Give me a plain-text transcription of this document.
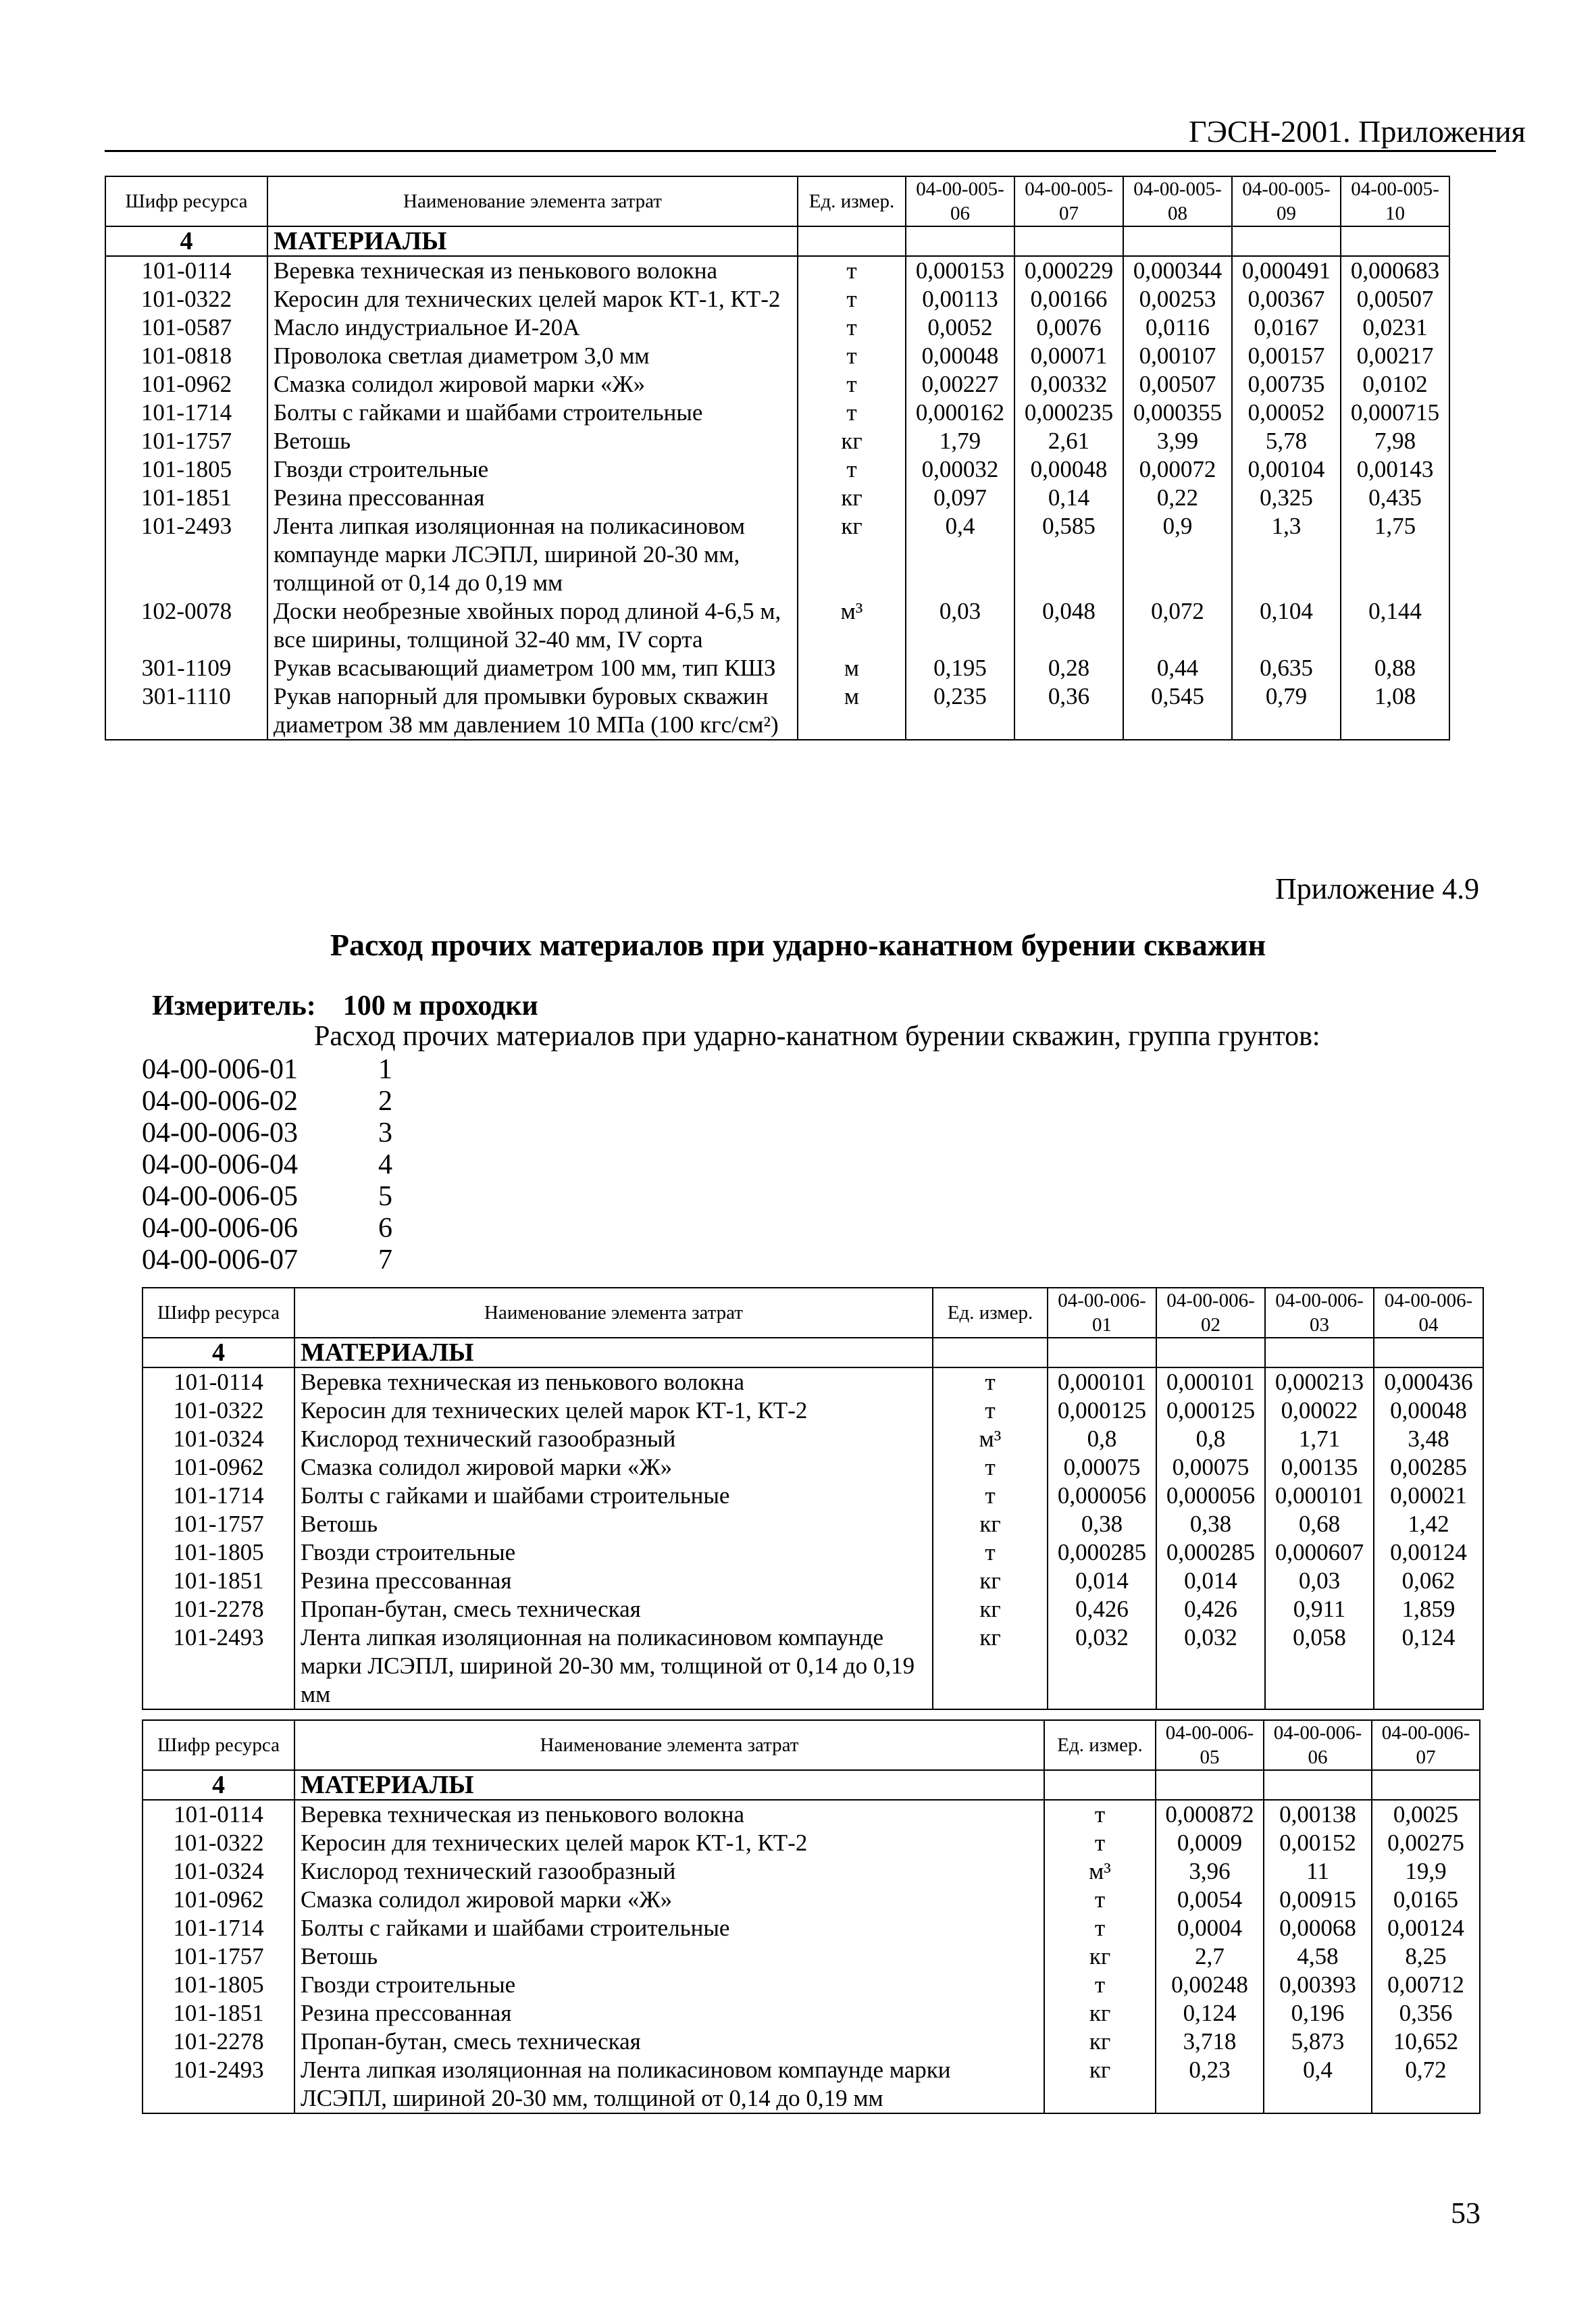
ГЭСН-2001. Приложения
Шифр ресурса	Наименование элемента затрат	Ед. измер.	04-00-005-06	04-00-005-07	04-00-005-08	04-00-005-09	04-00-005-10
4	МАТЕРИАЛЫ						
101-0114	Веревка техническая из пенькового волокна	т	0,000153	0,000229	0,000344	0,000491	0,000683
101-0322	Керосин для технических целей марок КТ-1, КТ-2	т	0,00113	0,00166	0,00253	0,00367	0,00507
101-0587	Масло индустриальное И-20А	т	0,0052	0,0076	0,0116	0,0167	0,0231
101-0818	Проволока светлая диаметром 3,0 мм	т	0,00048	0,00071	0,00107	0,00157	0,00217
101-0962	Смазка солидол жировой марки «Ж»	т	0,00227	0,00332	0,00507	0,00735	0,0102
101-1714	Болты с гайками и шайбами строительные	т	0,000162	0,000235	0,000355	0,00052	0,000715
101-1757	Ветошь	кг	1,79	2,61	3,99	5,78	7,98
101-1805	Гвозди строительные	т	0,00032	0,00048	0,00072	0,00104	0,00143
101-1851	Резина прессованная	кг	0,097	0,14	0,22	0,325	0,435
101-2493	Лента липкая изоляционная на поликасиновом компаунде марки ЛСЭПЛ, шириной 20-30 мм, толщиной от 0,14 до 0,19 мм	кг	0,4	0,585	0,9	1,3	1,75
102-0078	Доски необрезные хвойных пород длиной 4-6,5 м, все ширины, толщиной 32-40 мм, IV сорта	м³	0,03	0,048	0,072	0,104	0,144
301-1109	Рукав всасывающий диаметром 100 мм, тип КШЗ	м	0,195	0,28	0,44	0,635	0,88
301-1110	Рукав напорный для промывки буровых скважин диаметром 38 мм давлением 10 МПа (100 кгс/см²)	м	0,235	0,36	0,545	0,79	1,08
Приложение 4.9
Расход прочих материалов при ударно-канатном бурении скважин
Измеритель: 100 м проходки
Расход прочих материалов при ударно-канатном бурении скважин, группа грунтов:
04-00-006-01	1
04-00-006-02	2
04-00-006-03	3
04-00-006-04	4
04-00-006-05	5
04-00-006-06	6
04-00-006-07	7
Шифр ресурса	Наименование элемента затрат	Ед. измер.	04-00-006-01	04-00-006-02	04-00-006-03	04-00-006-04
4	МАТЕРИАЛЫ					
101-0114	Веревка техническая из пенькового волокна	т	0,000101	0,000101	0,000213	0,000436
101-0322	Керосин для технических целей марок КТ-1, КТ-2	т	0,000125	0,000125	0,00022	0,00048
101-0324	Кислород технический газообразный	м³	0,8	0,8	1,71	3,48
101-0962	Смазка солидол жировой марки «Ж»	т	0,00075	0,00075	0,00135	0,00285
101-1714	Болты с гайками и шайбами строительные	т	0,000056	0,000056	0,000101	0,00021
101-1757	Ветошь	кг	0,38	0,38	0,68	1,42
101-1805	Гвозди строительные	т	0,000285	0,000285	0,000607	0,00124
101-1851	Резина прессованная	кг	0,014	0,014	0,03	0,062
101-2278	Пропан-бутан, смесь техническая	кг	0,426	0,426	0,911	1,859
101-2493	Лента липкая изоляционная на поликасиновом компаунде марки ЛСЭПЛ, шириной 20-30 мм, толщиной от 0,14 до 0,19 мм	кг	0,032	0,032	0,058	0,124
Шифр ресурса	Наименование элемента затрат	Ед. измер.	04-00-006-05	04-00-006-06	04-00-006-07
4	МАТЕРИАЛЫ				
101-0114	Веревка техническая из пенькового волокна	т	0,000872	0,00138	0,0025
101-0322	Керосин для технических целей марок КТ-1, КТ-2	т	0,0009	0,00152	0,00275
101-0324	Кислород технический газообразный	м³	3,96	11	19,9
101-0962	Смазка солидол жировой марки «Ж»	т	0,0054	0,00915	0,0165
101-1714	Болты с гайками и шайбами строительные	т	0,0004	0,00068	0,00124
101-1757	Ветошь	кг	2,7	4,58	8,25
101-1805	Гвозди строительные	т	0,00248	0,00393	0,00712
101-1851	Резина прессованная	кг	0,124	0,196	0,356
101-2278	Пропан-бутан, смесь техническая	кг	3,718	5,873	10,652
101-2493	Лента липкая изоляционная на поликасиновом компаунде марки ЛСЭПЛ, шириной 20-30 мм, толщиной от 0,14 до 0,19 мм	кг	0,23	0,4	0,72
53
